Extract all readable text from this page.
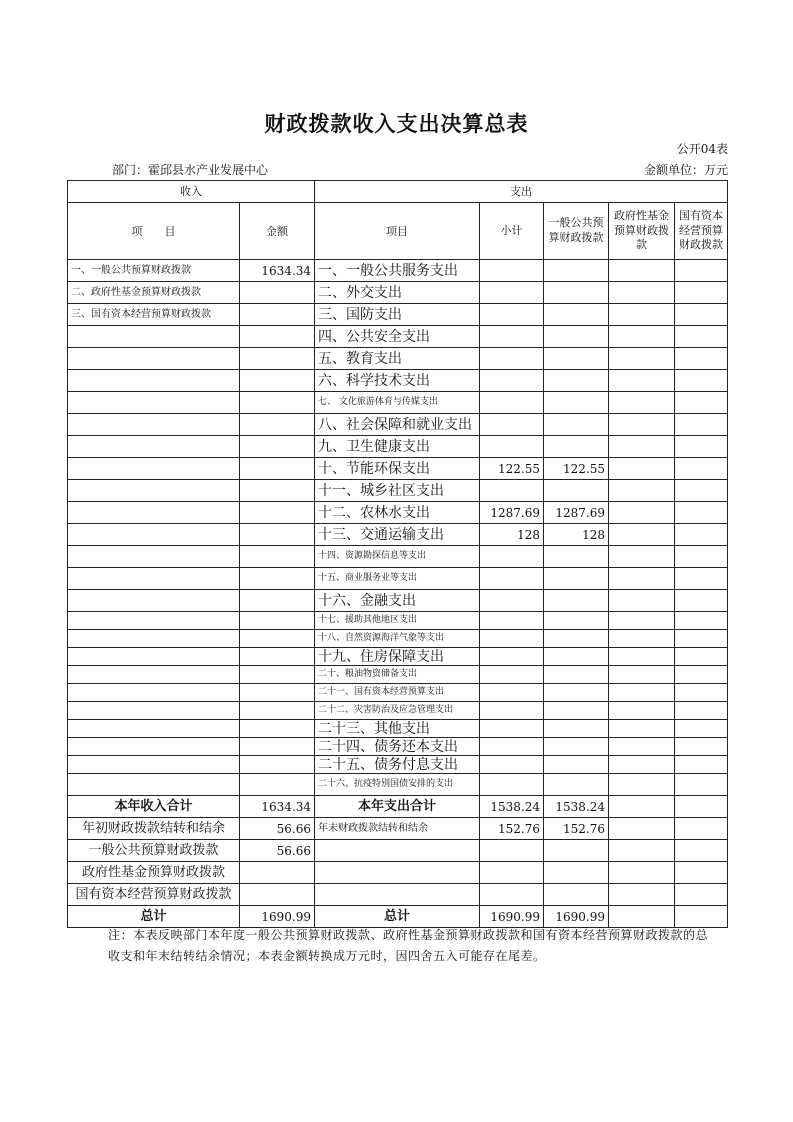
财政拨款收入支出决算总表
公开04表
部门：霍邱县水产业发展中心	金额单位：万元
收入		支出				
项　　目	金额	项目	小计	一般公共预算财政拨款	政府性基金预算财政拨款	国有资本经营预算财政拨款
一、一般公共预算财政拨款	1634.34	一、一般公共服务支出				
二、政府性基金预算财政拨款		二、外交支出				
三、国有资本经营预算财政拨款		三、国防支出				
		四、公共安全支出				
		五、教育支出				
		六、科学技术支出				
		七、 文化旅游体育与传媒支出				
		八、社会保障和就业支出				
		九、卫生健康支出				
		十、节能环保支出	122.55	122.55		
		十一、城乡社区支出				
		十二、农林水支出	1287.69	1287.69		
		十三、交通运输支出	128	128		
		十四、资源勘探信息等支出				
		十五、商业服务业等支出				
		十六、金融支出				
		十七、援助其他地区支出				
		十八、自然资源海洋气象等支出				
		十九、住房保障支出				
		二十、粮油物资储备支出				
		二十一、国有资本经营预算支出				
		二十二、灾害防治及应急管理支出				
		二十三、其他支出				
		二十四、债务还本支出				
		二十五、债务付息支出				
		二十六、抗疫特别国债安排的支出				
本年收入合计	1634.34	本年支出合计	1538.24	1538.24		
年初财政拨款结转和结余	56.66	年末财政拨款结转和结余	152.76	152.76		
一般公共预算财政拨款	56.66					
政府性基金预算财政拨款						
国有资本经营预算财政拨款						
总计	1690.99	总计	1690.99	1690.99		
注：本表反映部门本年度一般公共预算财政拨款、政府性基金预算财政拨款和国有资本经营预算财政拨款的总收支和年末结转结余情况；本表金额转换成万元时，因四舍五入可能存在尾差。
